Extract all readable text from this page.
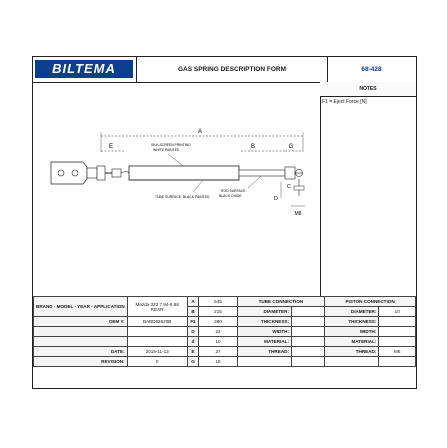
BILTEMA	GAS SPRING DESCRIPTION FORM	68-428
A
E	B	G
SILK-SCREEN PRINTING
WHITE PAINTED
C
D
M8
TUBE SURFACE: BLACK PAINTED
ROD SURFACE:
BLACK OXIDE
NOTES
F1 = Eject Force [N]
BRAND - MODEL - YEAR - APPLICATION	Mazda 323 7.94-9.98 REAR	A	545	TUBE CONNECTION		PISTON CONNECTION	
		B	215	DIAMETER:		DIAMETER:	10
OEM #:	BABD62620B	F1	380	THICKNESS:		THICKNESS:	
		D	22	WIDTH:		WIDTH:	
		d	10	MATERIAL:		MATERIAL:	
DATE:	2019-11-13	E	27	THREAD:		THREAD:	M6
REVISION:	0	G	18				
